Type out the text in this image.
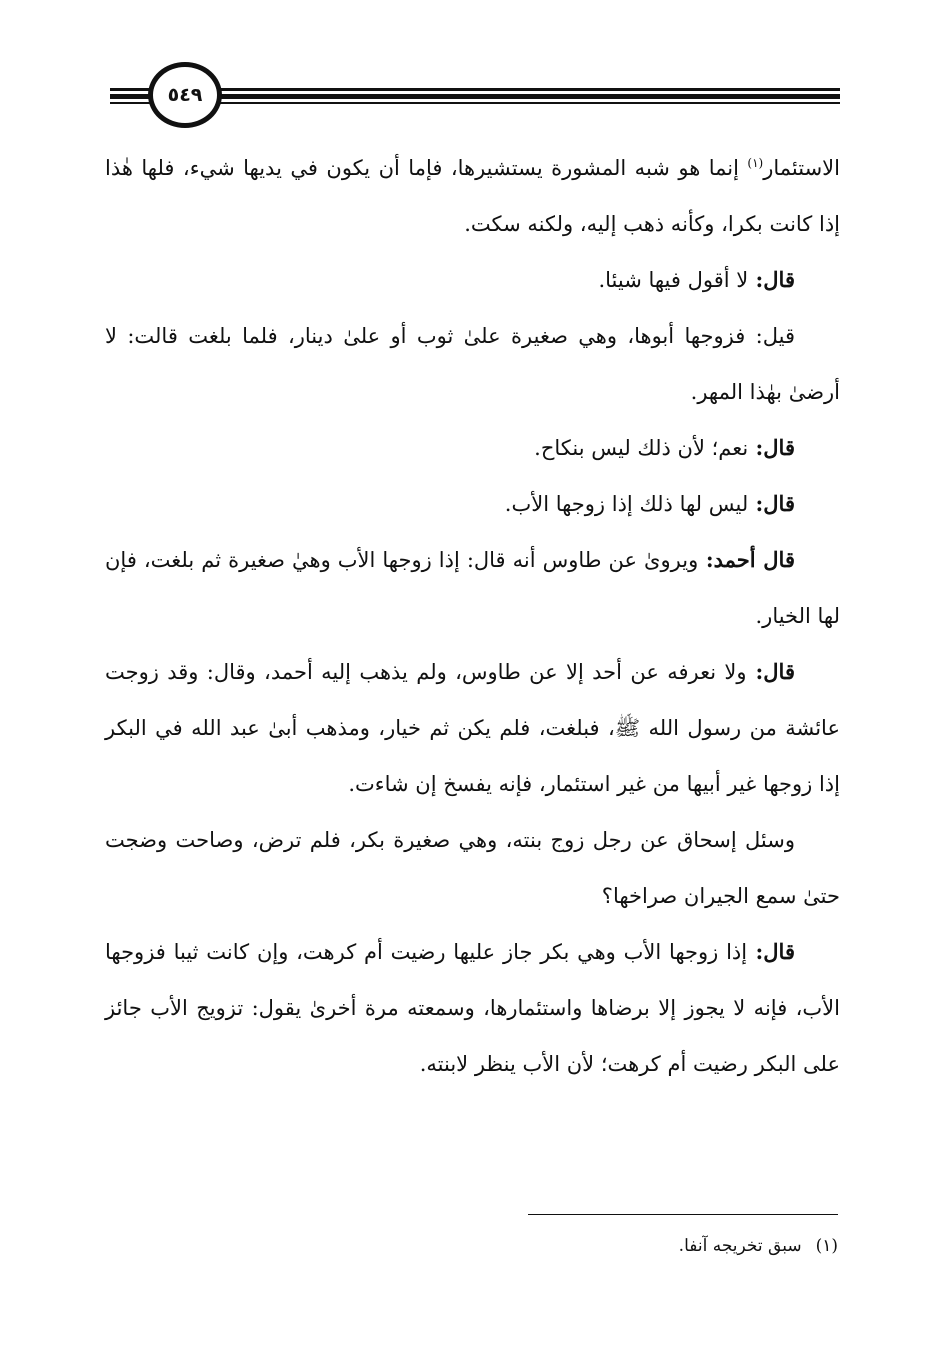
٥٤٩

الاستئمار$^{(١)}$ إنما هو شبه المشورة يستشيرها، فإما أن يكون في يديها شيء، فلها هٰذا إذا كانت بكرا، وكأنه ذهب إليه، ولكنه سكت.

قال: لا أقول فيها شيئا.

قيل: فزوجها أبوها، وهي صغيرة علىٰ ثوب أو علىٰ دينار، فلما بلغت قالت: لا أرضىٰ بهٰذا المهر.

قال: نعم؛ لأن ذلك ليس بنكاح.

قال: ليس لها ذلك إذا زوجها الأب.

قال أحمد: ويروىٰ عن طاوس أنه قال: إذا زوجها الأب وهيٰ صغيرة ثم بلغت، فإن لها الخيار.

قال: ولا نعرفه عن أحد إلا عن طاوس، ولم يذهب إليه أحمد، وقال: وقد زوجت عائشة من رسول الله ﷺ، فبلغت، فلم يكن ثم خيار، ومذهب أبىٰ عبد الله في البكر إذا زوجها غير أبيها من غير استئمار، فإنه يفسخ إن شاءت.

وسئل إسحاق عن رجل زوج بنته، وهي صغيرة بكر، فلم ترض، وصاحت وضجت حتىٰ سمع الجيران صراخها؟

قال: إذا زوجها الأب وهي بكر جاز عليها رضيت أم كرهت، وإن كانت ثيبا فزوجها الأب، فإنه لا يجوز إلا برضاها واستئمارها، وسمعته مرة أخرىٰ يقول: تزويج الأب جائز على البكر رضيت أم كرهت؛ لأن الأب ينظر لابنته.

(١)سبق تخريجه آنفا.
